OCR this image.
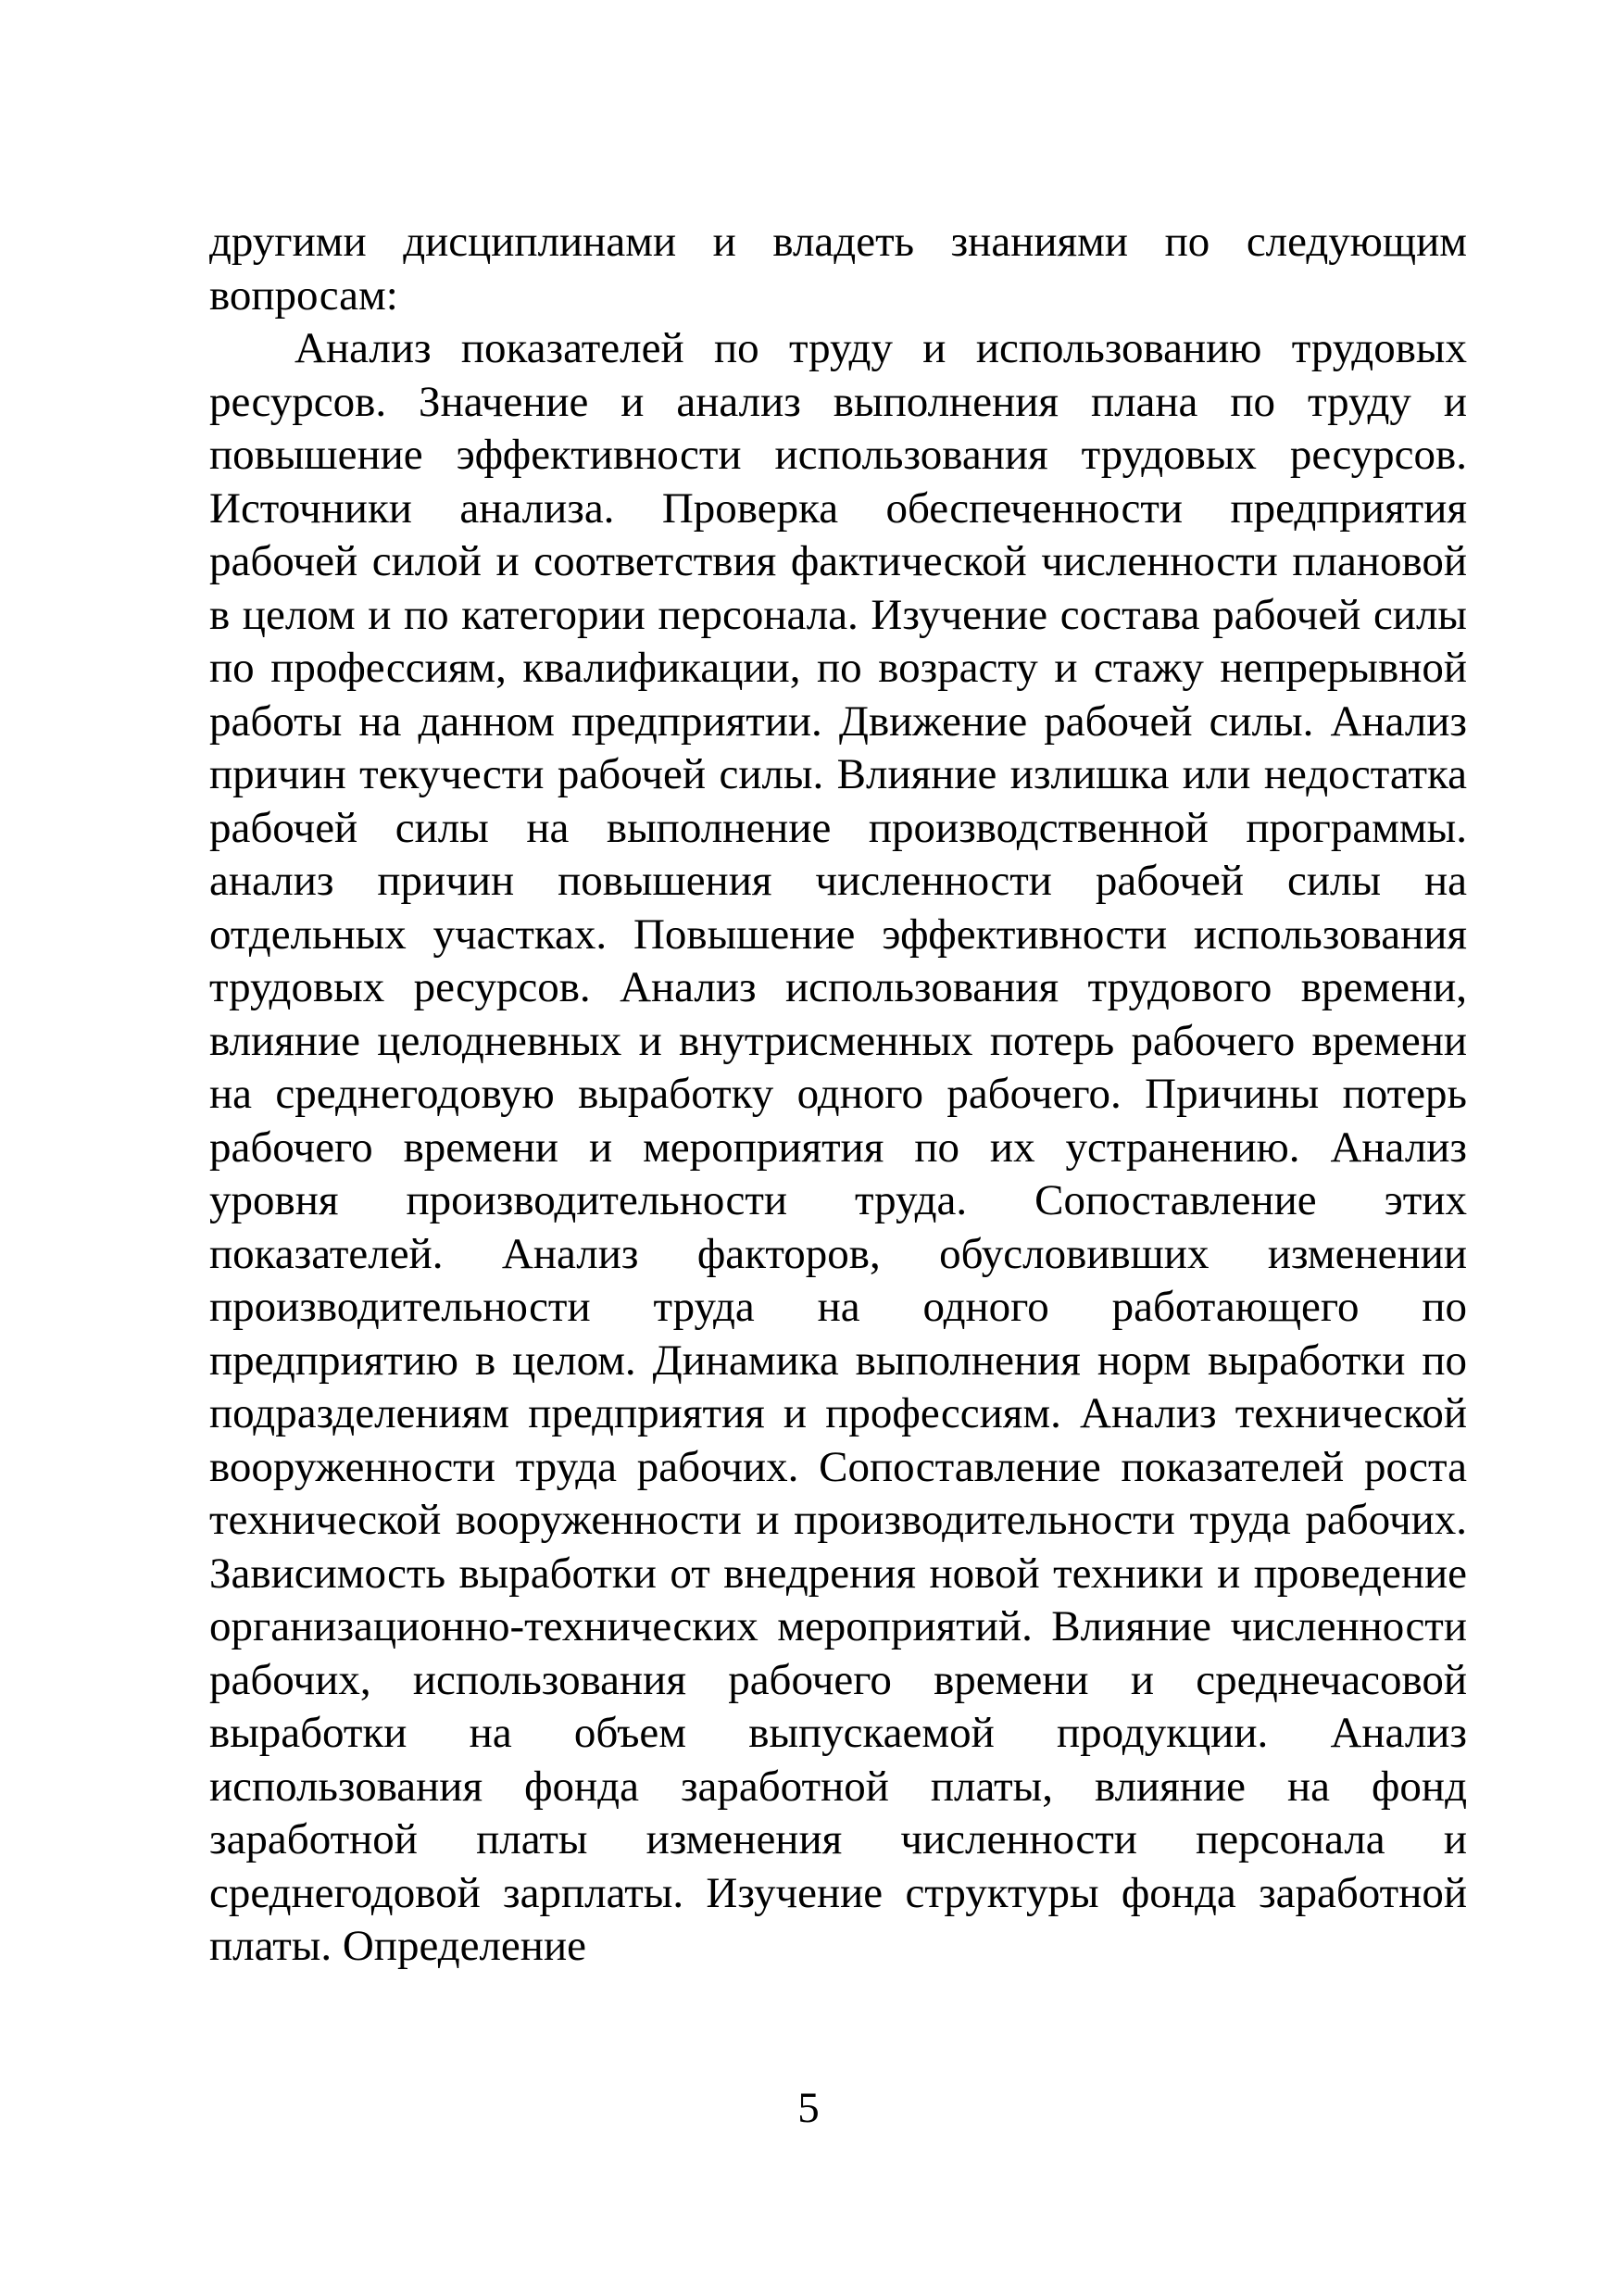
другими дисциплинами и владеть знаниями по следующим вопросам:

Анализ показателей по труду и использованию трудовых ресурсов. Значение и анализ выполнения плана по труду и повышение эффективности использования трудовых ресурсов. Источники анализа. Проверка обеспеченности предприятия рабочей силой и соответствия фактической численности плановой в целом и по категории персонала. Изучение состава рабочей силы по профессиям, квалификации, по возрасту и стажу непрерывной работы на данном предприятии. Движение рабочей силы. Анализ причин текучести рабочей силы. Влияние излишка или недостатка рабочей силы на выполнение производственной программы. анализ причин повышения численности рабочей силы на отдельных участках. Повышение эффективности использования трудовых ресурсов. Анализ использования трудового времени, влияние целодневных и внутрисменных потерь рабочего времени на среднегодовую выработку одного рабочего. Причины потерь рабочего времени и мероприятия по их устранению. Анализ уровня производительности труда. Сопоставление этих показателей. Анализ факторов, обусловивших изменении производительности труда на одного работающего по предприятию в целом. Динамика выполнения норм выработки по подразделениям предприятия и профессиям. Анализ технической вооруженности труда рабочих. Сопоставление показателей роста технической вооруженности и производительности труда рабочих. Зависимость выработки от внедрения новой техники и проведение организационно-технических мероприятий. Влияние численности рабочих, использования рабочего времени и среднечасовой выработки на объем выпускаемой продукции. Анализ использования фонда заработной платы, влияние на фонд заработной платы изменения численности персонала и среднегодовой зарплаты. Изучение структуры фонда заработной платы. Определение

5
